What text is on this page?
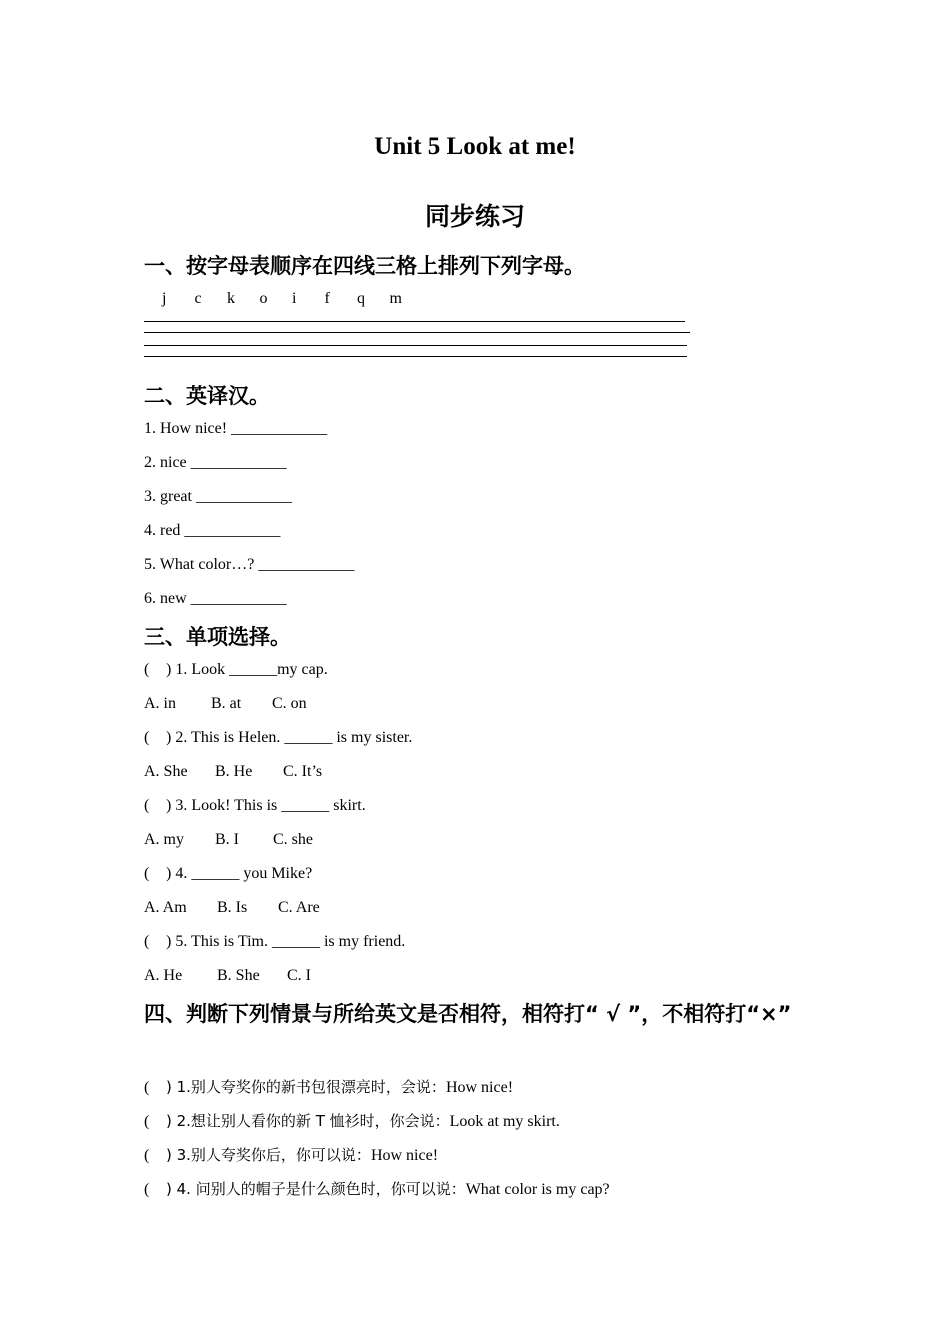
Unit 5 Look at me!
同步练习
一、按字母表顺序在四线三格上排列下列字母。
j c k o i f q m
二、英译汉。

1. How nice! ____________

2. nice ____________

3. great ____________

4. red ____________

5. What color…? ____________

6. new ____________

三、单项选择。

( ) 1. Look ______my cap.

A. in B. at C. on

( ) 2. This is Helen. ______ is my sister.

A. She B. He C. It’s

( ) 3. Look! This is ______ skirt.

A. my B. I C. she

( ) 4. ______ you Mike?

A. Am B. Is C. Are

( ) 5. This is Tim. ______ is my friend.

A. He B. She C. I

四、判断下列情景与所给英文是否相符，相符打“ √ ”，不相符打“×”

( ) 1.别人夸奖你的新书包很漂亮时，会说：How nice!

( ) 2.想让别人看你的新 T 恤衫时，你会说：Look at my skirt.

( ) 3.别人夸奖你后，你可以说：How nice!

( ) 4. 问别人的帽子是什么颜色时，你可以说：What color is my cap?
